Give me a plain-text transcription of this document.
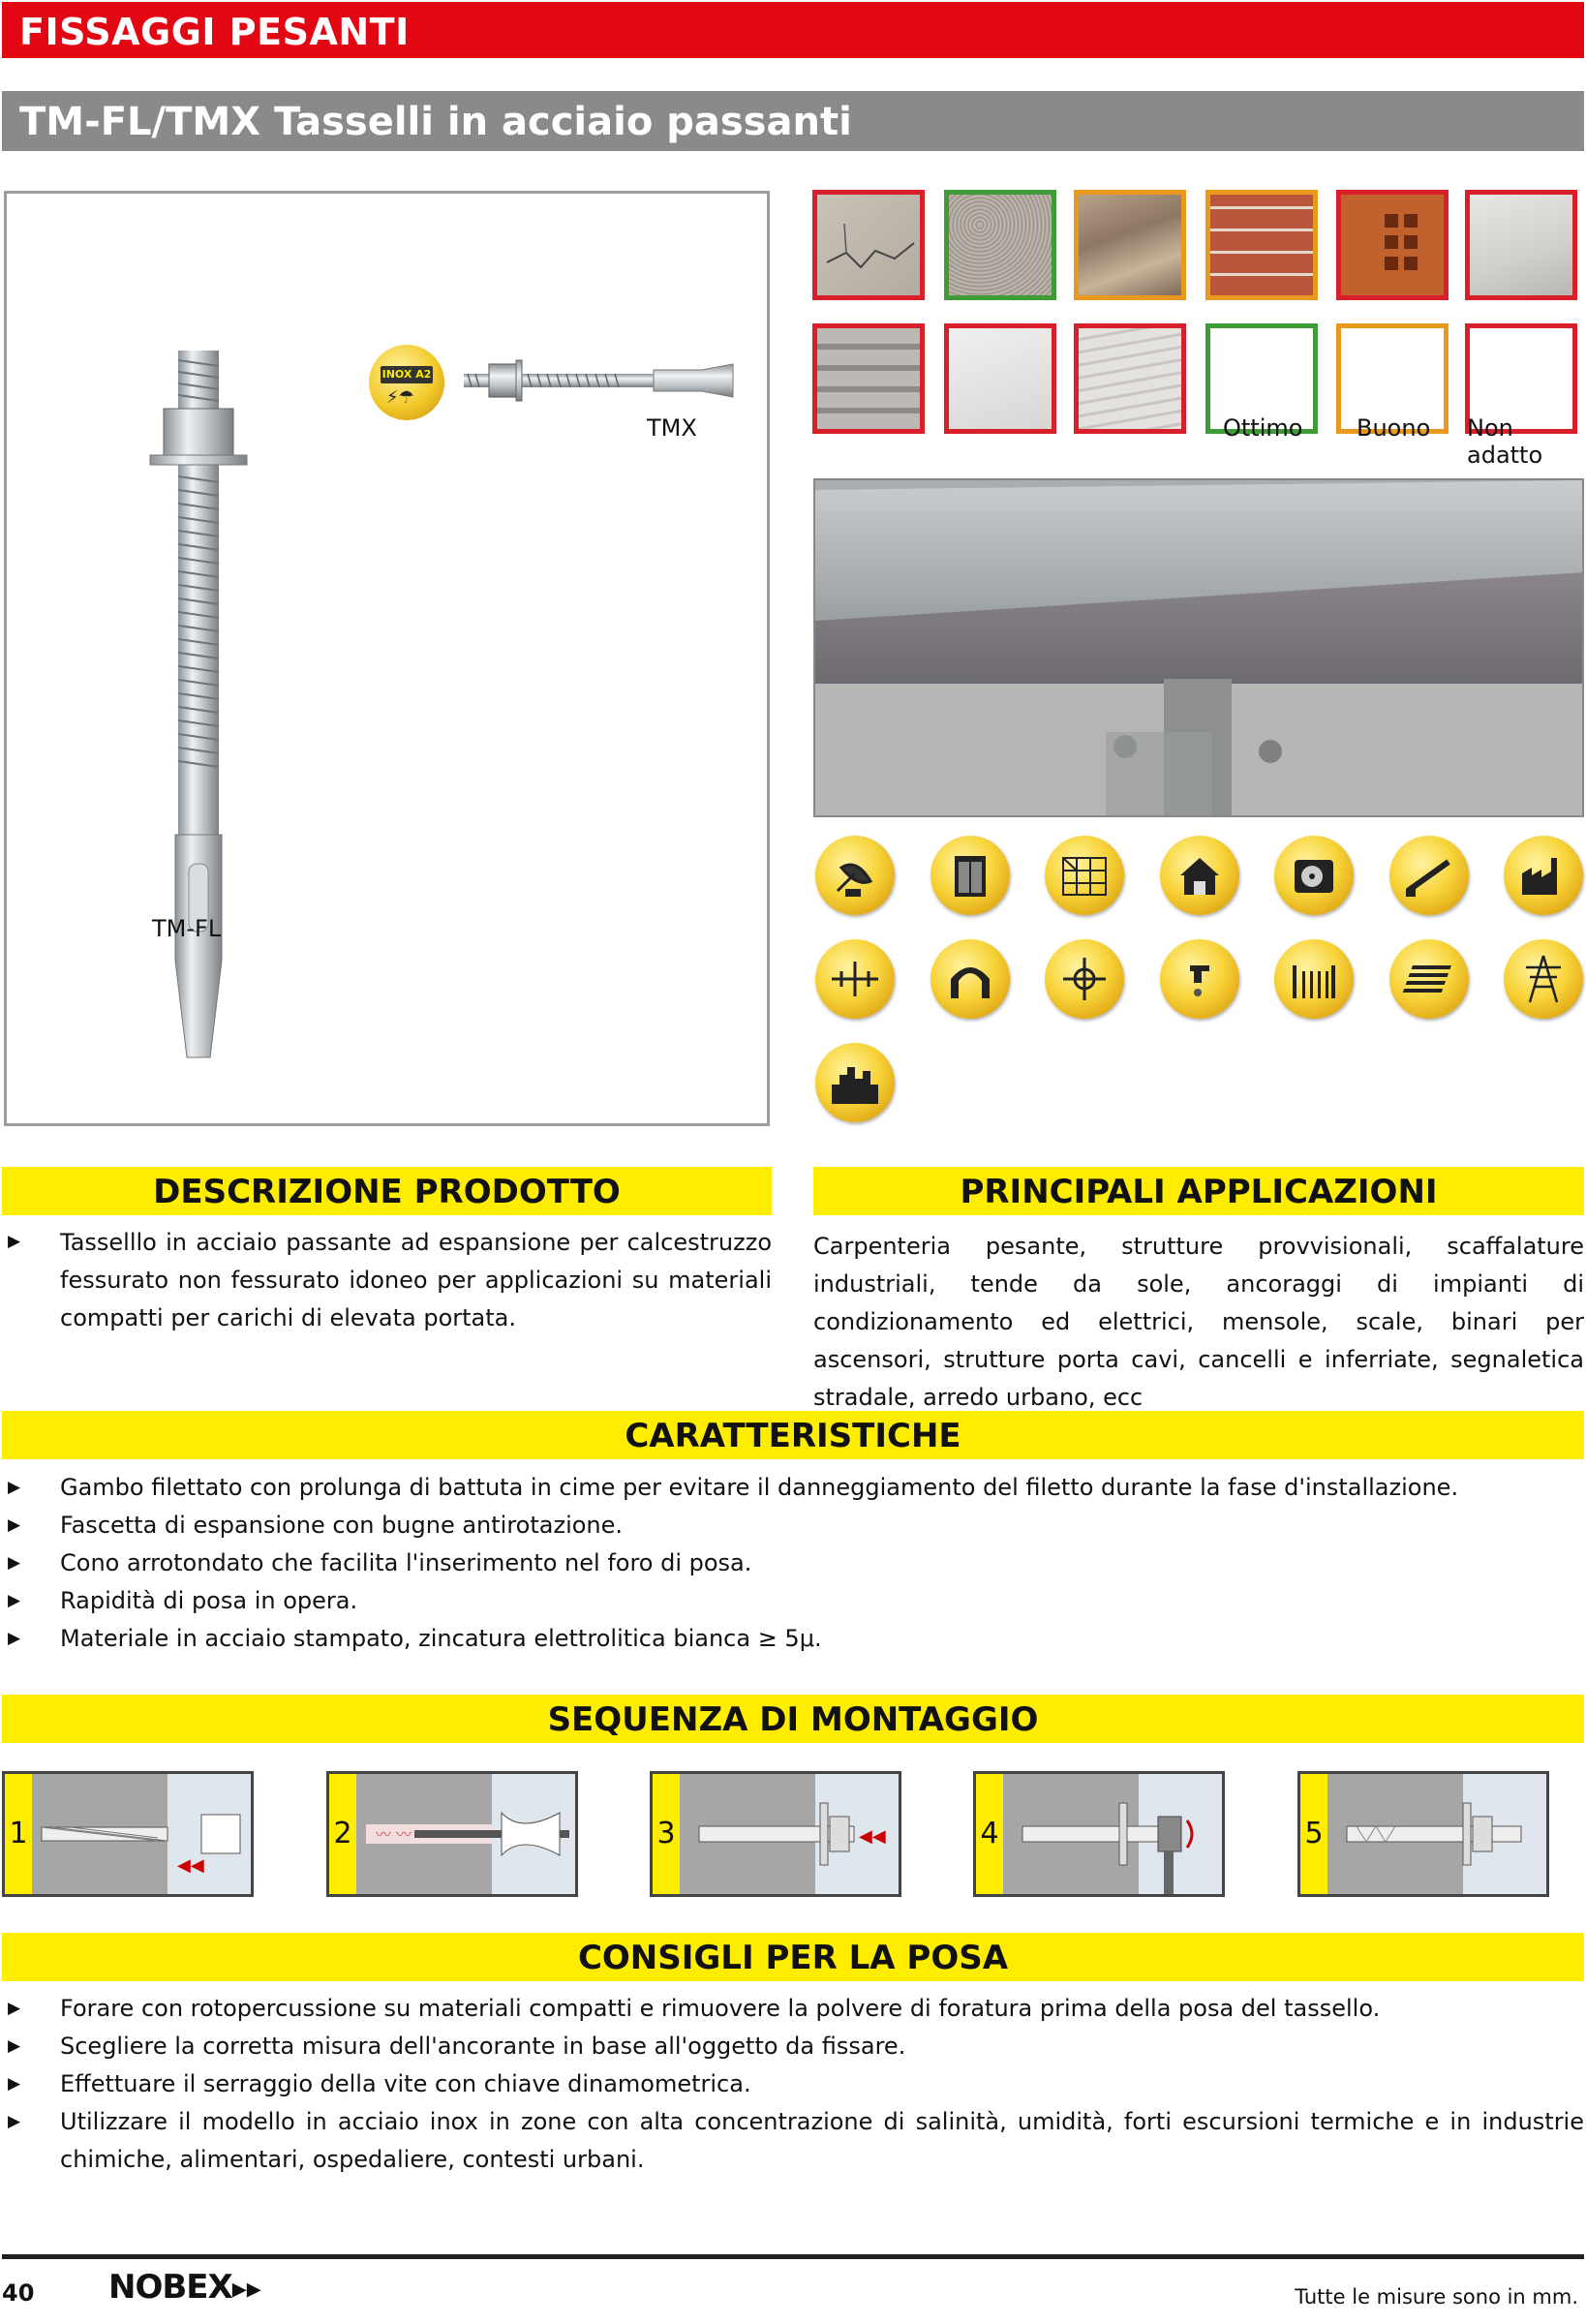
FISSAGGI PESANTI
TM-FL/TMX Tasselli in acciaio passanti
INOX A2
⚡☂
TMX
TM-FL
Ottimo Buono Non adatto
DESCRIZIONE PRODOTTO	PRINCIPALI APPLICAZIONI
▶ Tasselllo in acciaio passante ad espansione per calcestruzzo fessurato non fessurato idoneo per applicazioni su materiali compatti per carichi di elevata portata.
Carpenteria pesante, strutture provvisionali, scaffalature industriali, tende da sole, ancoraggi di impianti di condizionamento ed elettrici, mensole, scale, binari per ascensori, strutture porta cavi, cancelli e inferriate, segnaletica stradale, arredo urbano, ecc
CARATTERISTICHE
▶ Gambo filettato con prolunga di battuta in cime per evitare il danneggiamento del filetto durante la fase d'installazione.
▶ Fascetta di espansione con bugne antirotazione.
▶ Cono arrotondato che facilita l'inserimento nel foro di posa.
▶ Rapidità di posa in opera.
▶ Materiale in acciaio stampato, zincatura elettrolitica bianca ≥ 5μ.
SEQUENZA DI MONTAGGIO
1
◀◀
2 〰 〰	3	◀◀	4	5
CONSIGLI PER LA POSA
▶ Forare con rotopercussione su materiali compatti e rimuovere la polvere di foratura prima della posa del tassello.
▶ Scegliere la corretta misura dell'ancorante in base all'oggetto da fissare.
▶ Effettuare il serraggio della vite con chiave dinamometrica.
▶ Utilizzare il modello in acciaio inox in zone con alta concentrazione di salinità, umidità, forti escursioni termiche e in industrie chimiche, alimentari, ospedaliere, contesti urbani.
40 NOBEX▸▸	Tutte le misure sono in mm.
